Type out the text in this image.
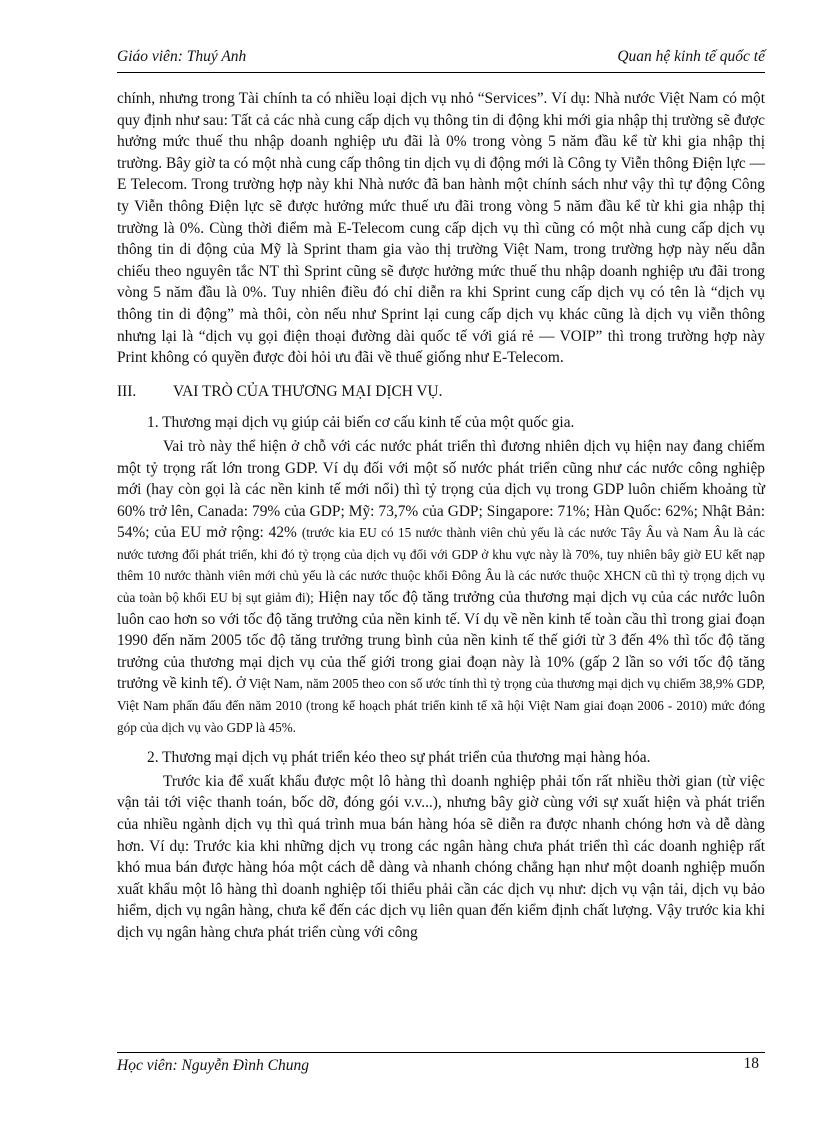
Giáo viên: Thuý Anh	Quan hệ kinh tế quốc tế

chính, nhưng trong Tài chính ta có nhiều loại dịch vụ nhỏ “Services”. Ví dụ: Nhà nước Việt Nam có một quy định như sau: Tất cả các nhà cung cấp dịch vụ thông tin di động khi mới gia nhập thị trường sẽ được hưởng mức thuế thu nhập doanh nghiệp ưu đãi là 0% trong vòng 5 năm đầu kể từ khi gia nhập thị trường. Bây giờ ta có một nhà cung cấp thông tin dịch vụ di động mới là Công ty Viễn thông Điện lực — E Telecom. Trong trường hợp này khi Nhà nước đã ban hành một chính sách như vậy thì tự động Công ty Viễn thông Điện lực sẽ được hưởng mức thuế ưu đãi trong vòng 5 năm đầu kể từ khi gia nhập thị trường là 0%. Cùng thời điểm mà E-Telecom cung cấp dịch vụ thì cũng có một nhà cung cấp dịch vụ thông tin di động của Mỹ là Sprint tham gia vào thị trường Việt Nam, trong trường hợp này nếu dẫn chiếu theo nguyên tắc NT thì Sprint cũng sẽ được hưởng mức thuế thu nhập doanh nghiệp ưu đãi trong vòng 5 năm đầu là 0%. Tuy nhiên điều đó chỉ diễn ra khi Sprint cung cấp dịch vụ có tên là “dịch vụ thông tin di động” mà thôi, còn nếu như Sprint lại cung cấp dịch vụ khác cũng là dịch vụ viễn thông nhưng lại là “dịch vụ gọi điện thoại đường dài quốc tế với giá rẻ — VOIP” thì trong trường hợp này Print không có quyền được đòi hỏi ưu đãi về thuế giống như E-Telecom.

III. VAI TRÒ CỦA THƯƠNG MẠI DỊCH VỤ.

1. Thương mại dịch vụ giúp cải biến cơ cấu kinh tế của một quốc gia.

Vai trò này thể hiện ở chỗ với các nước phát triển thì đương nhiên dịch vụ hiện nay đang chiếm một tỷ trọng rất lớn trong GDP. Ví dụ đối với một số nước phát triển cũng như các nước công nghiệp mới (hay còn gọi là các nền kinh tế mới nổi) thì tỷ trọng của dịch vụ trong GDP luôn chiếm khoảng từ 60% trở lên, Canada: 79% của GDP; Mỹ: 73,7% của GDP; Singapore: 71%; Hàn Quốc: 62%; Nhật Bản: 54%; của EU mở rộng: 42% (trước kia EU có 15 nước thành viên chủ yếu là các nước Tây Âu và Nam Âu là các nước tương đối phát triển, khi đó tỷ trọng của dịch vụ đối với GDP ở khu vực này là 70%, tuy nhiên bây giờ EU kết nạp thêm 10 nước thành viên mới chủ yếu là các nước thuộc khối Đông Âu là các nước thuộc XHCN cũ thì tỷ trọng dịch vụ của toàn bộ khối EU bị sụt giảm đi); Hiện nay tốc độ tăng trưởng của thương mại dịch vụ của các nước luôn luôn cao hơn so với tốc độ tăng trưởng của nền kinh tế. Ví dụ về nền kinh tế toàn cầu thì trong giai đoạn 1990 đến năm 2005 tốc độ tăng trưởng trung bình của nền kinh tế thế giới từ 3 đến 4% thì tốc độ tăng trưởng của thương mại dịch vụ của thế giới trong giai đoạn này là 10% (gấp 2 lần so với tốc độ tăng trưởng về kinh tế). Ở Việt Nam, năm 2005 theo con số ước tính thì tỷ trọng của thương mại dịch vụ chiếm 38,9% GDP, Việt Nam phấn đấu đến năm 2010 (trong kế hoạch phát triển kinh tế xã hội Việt Nam giai đoạn 2006 - 2010) mức đóng góp của dịch vụ vào GDP là 45%.

2. Thương mại dịch vụ phát triển kéo theo sự phát triển của thương mại hàng hóa.

Trước kia để xuất khẩu được một lô hàng thì doanh nghiệp phải tốn rất nhiều thời gian (từ việc vận tải tới việc thanh toán, bốc dỡ, đóng gói v.v...), nhưng bây giờ cùng với sự xuất hiện và phát triển của nhiều ngành dịch vụ thì quá trình mua bán hàng hóa sẽ diễn ra được nhanh chóng hơn và dễ dàng hơn. Ví dụ: Trước kia khi những dịch vụ trong các ngân hàng chưa phát triển thì các doanh nghiệp rất khó mua bán được hàng hóa một cách dễ dàng và nhanh chóng chẳng hạn như một doanh nghiệp muốn xuất khẩu một lô hàng thì doanh nghiệp tối thiểu phải cần các dịch vụ như: dịch vụ vận tải, dịch vụ bảo hiểm, dịch vụ ngân hàng, chưa kể đến các dịch vụ liên quan đến kiểm định chất lượng. Vậy trước kia khi dịch vụ ngân hàng chưa phát triển cùng với công

Học viên: Nguyễn Đình Chung	18
